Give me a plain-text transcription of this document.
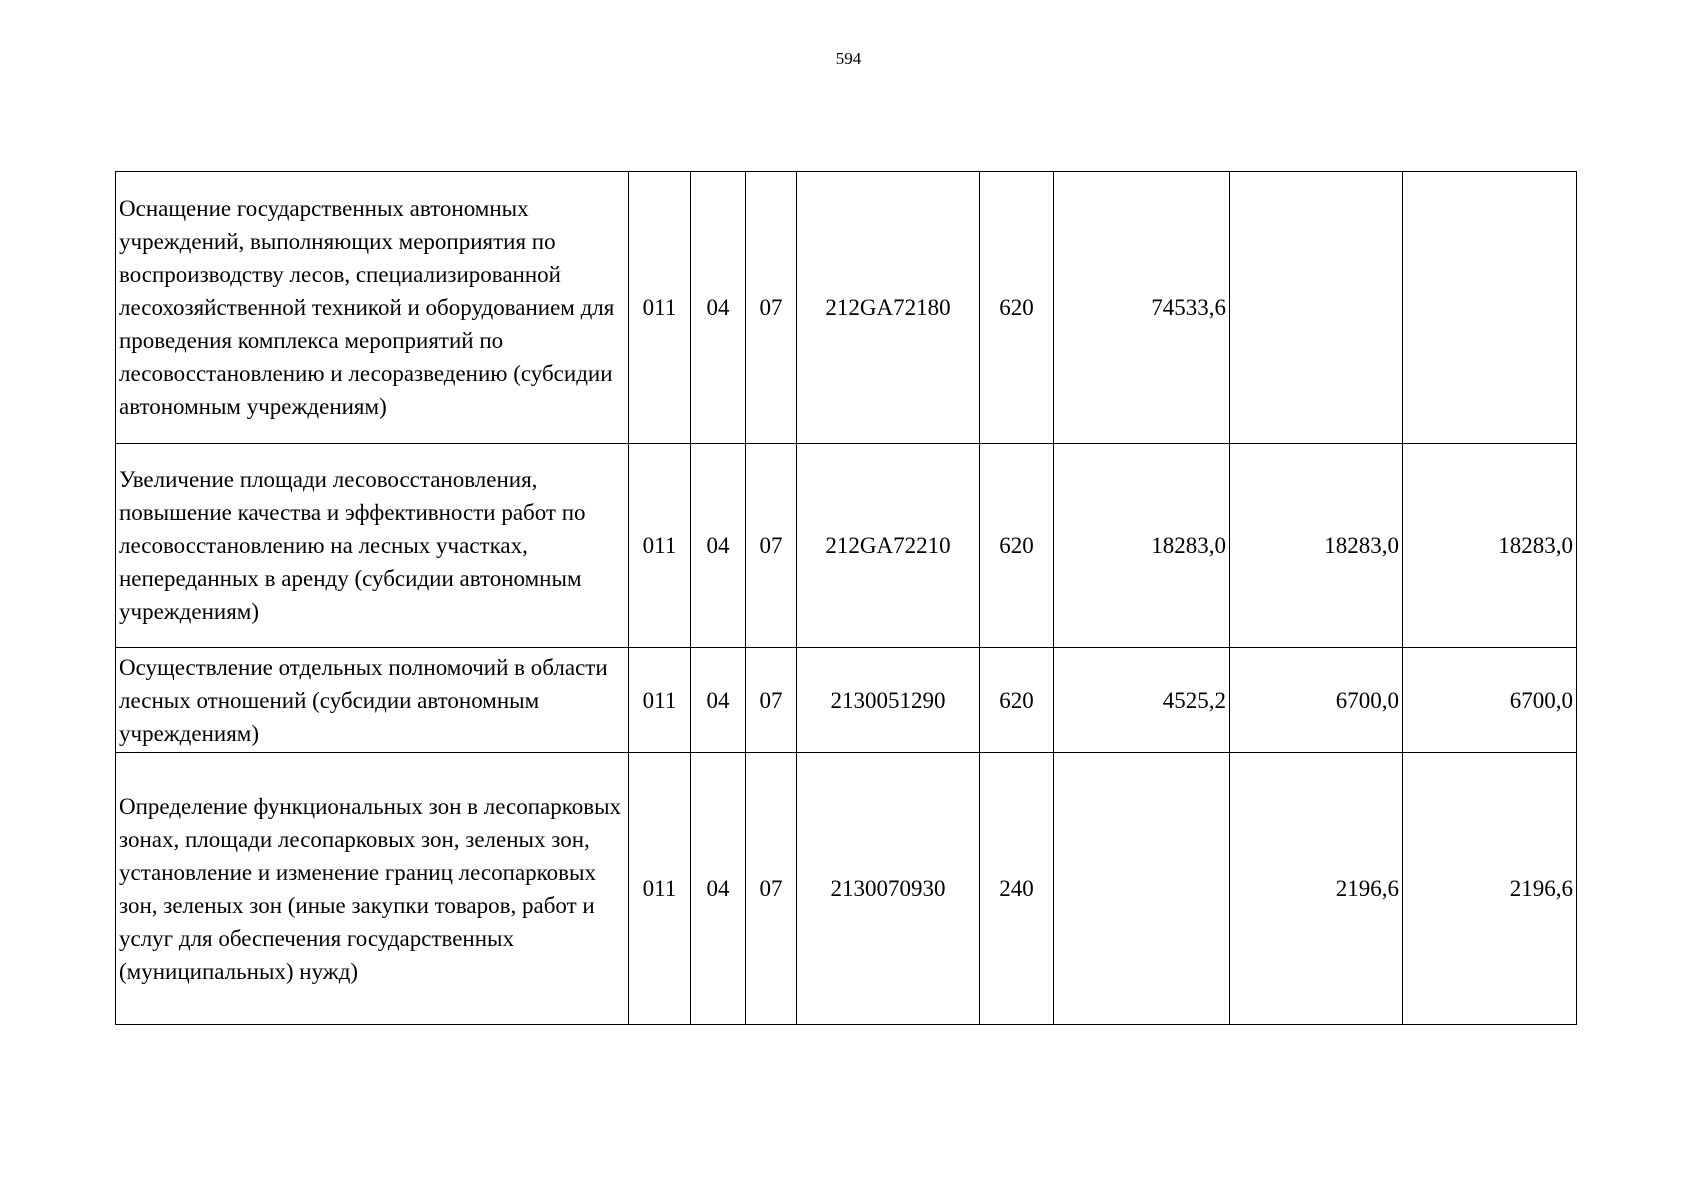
594
Оснащение государственных автономных учреждений, выполняющих мероприятия по воспроизводству лесов, специализированной лесохозяйственной техникой и оборудованием для проведения комплекса мероприятий по лесовосстановлению и лесоразведению (субсидии автономным учреждениям)	011	04	07	212GA72180	620	74533,6		
Увеличение площади лесовосстановления, повышение качества и эффективности работ по лесовосстановлению на лесных участках, непереданных в аренду (субсидии автономным учреждениям)	011	04	07	212GA72210	620	18283,0	18283,0	18283,0
Осуществление отдельных полномочий в области лесных отношений (субсидии автономным учреждениям)	011	04	07	2130051290	620	4525,2	6700,0	6700,0
Определение функциональных зон в лесопарковых зонах, площади лесопарковых зон, зеленых зон, установление и изменение границ лесопарковых зон, зеленых зон (иные закупки товаров, работ и услуг для обеспечения государственных (муниципальных) нужд)	011	04	07	2130070930	240		2196,6	2196,6
